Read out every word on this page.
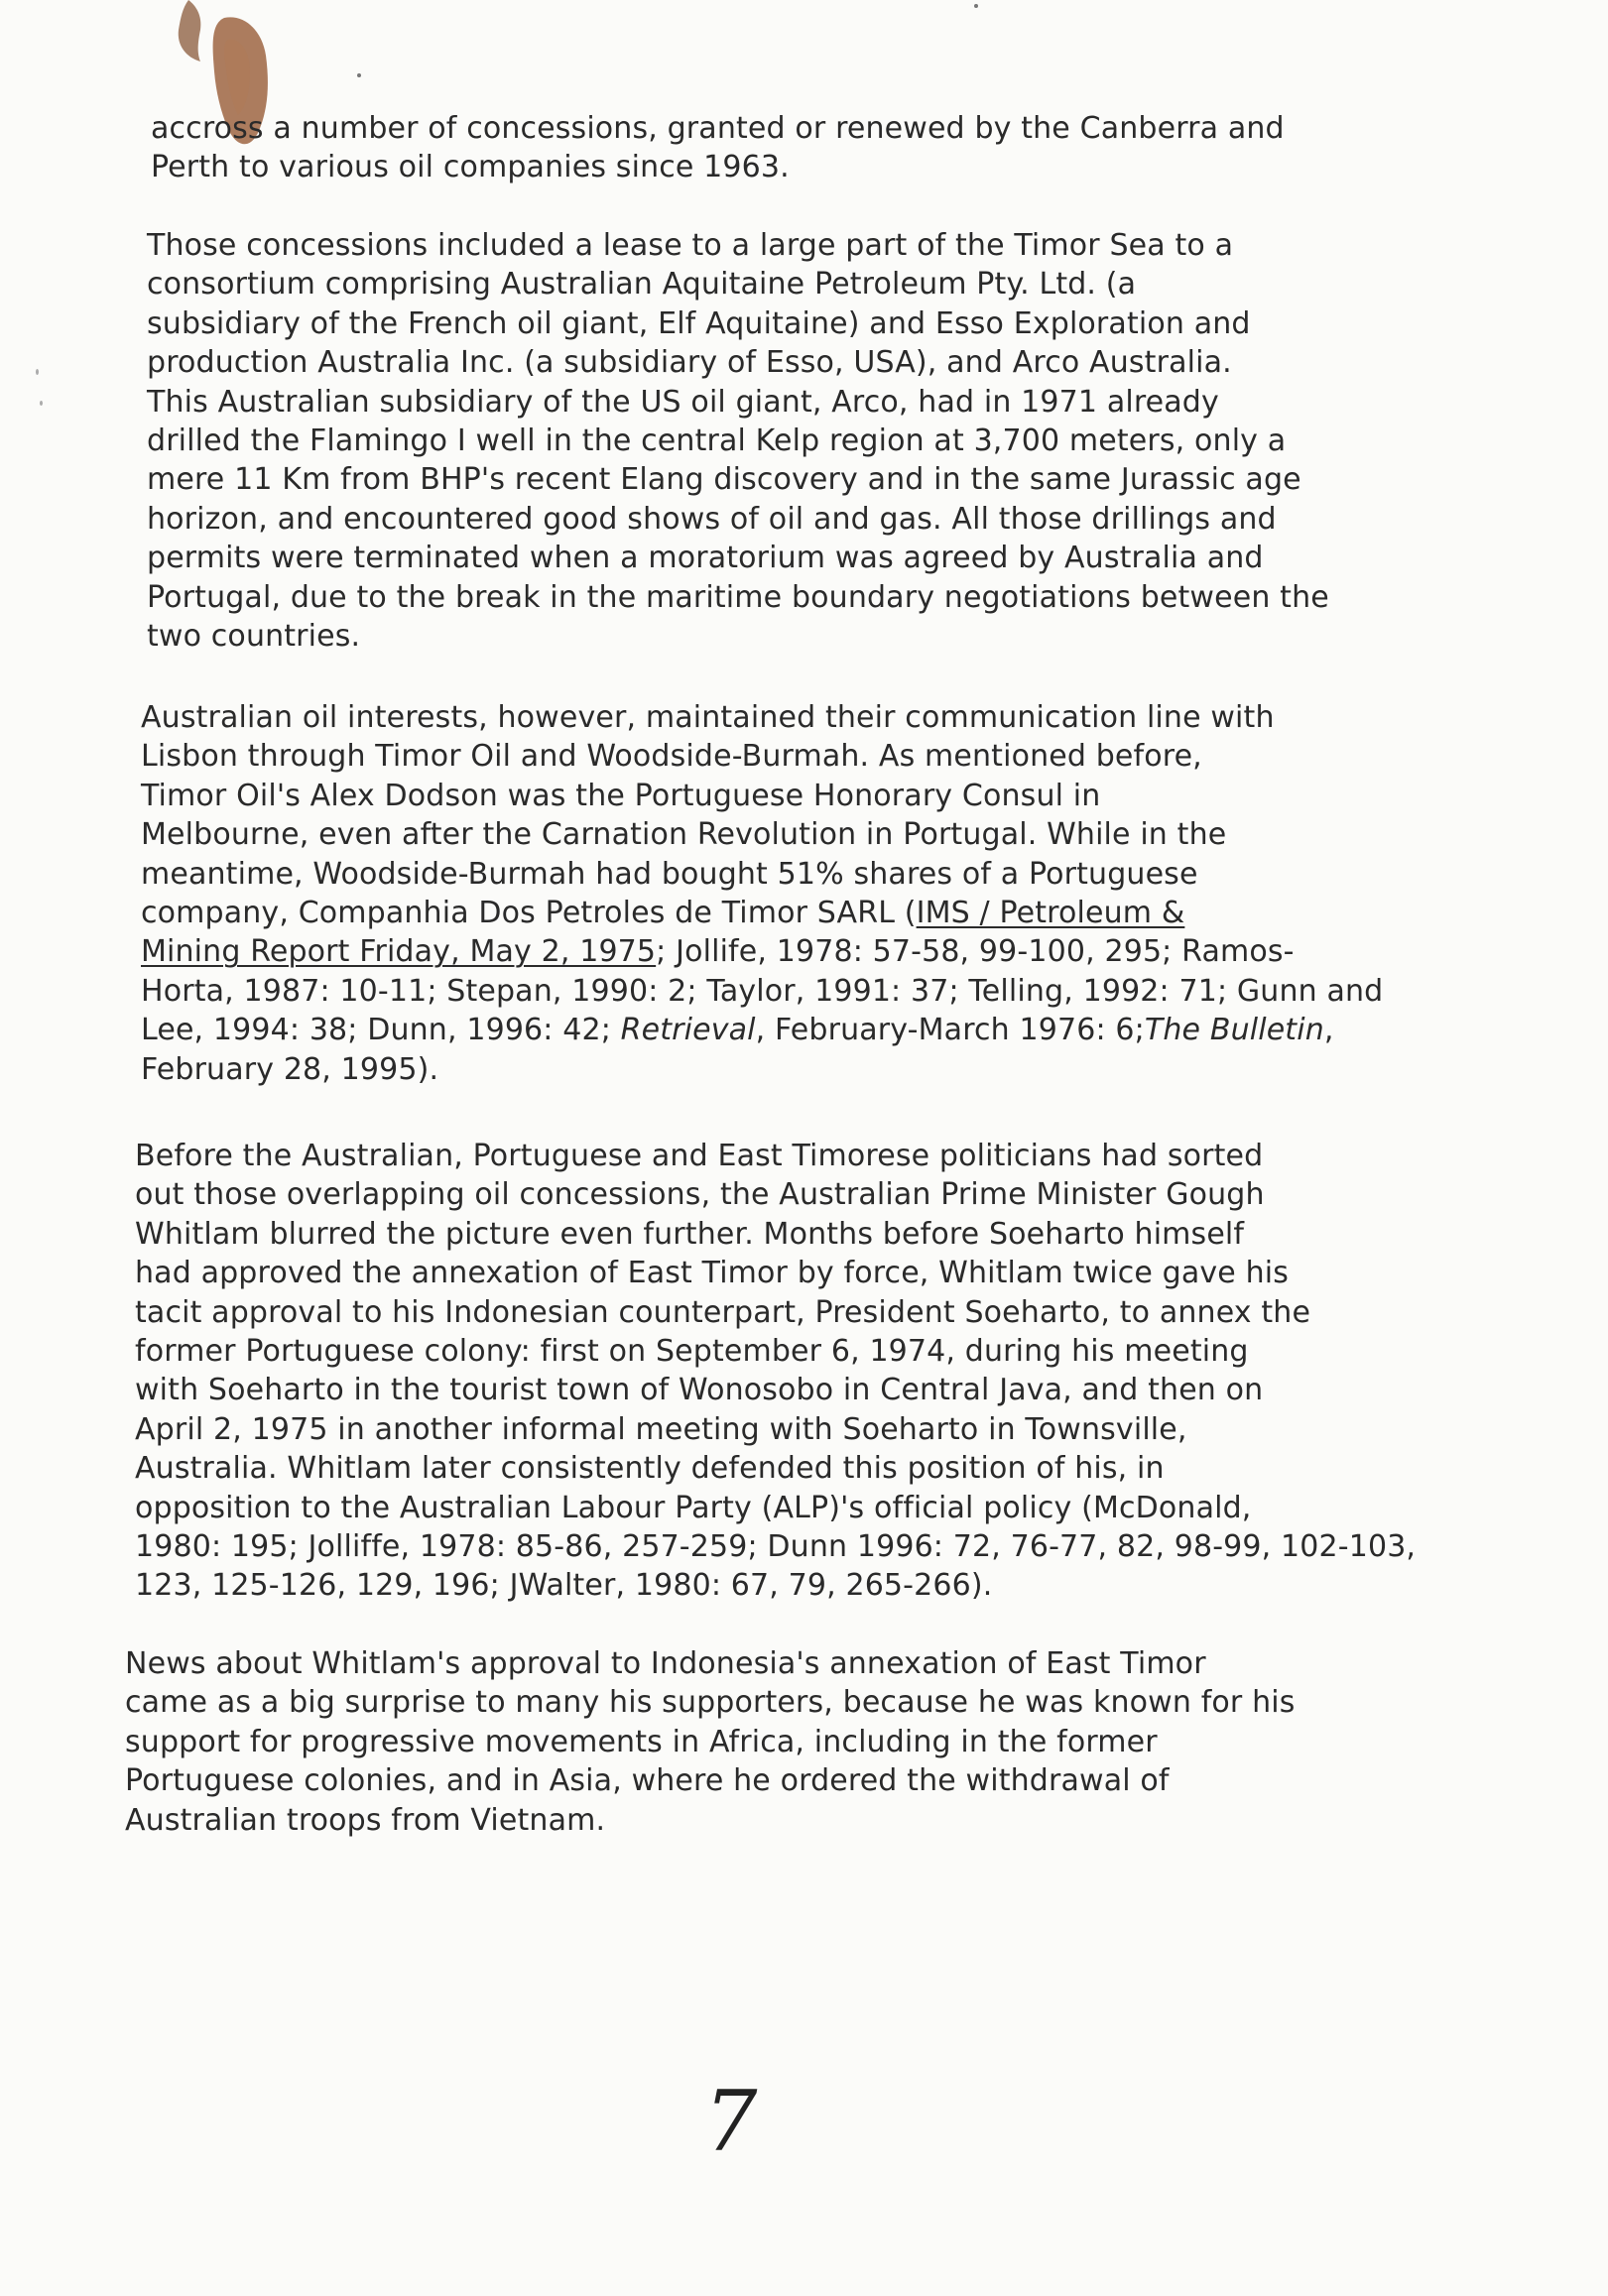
accross a number of concessions, granted or renewed by the Canberra and
Perth to various oil companies since 1963.
Those concessions included a lease to a large part of the Timor Sea to a
consortium comprising Australian Aquitaine Petroleum Pty. Ltd. (a
subsidiary of the French oil giant, Elf Aquitaine) and Esso Exploration and
production Australia Inc. (a subsidiary of Esso, USA), and Arco Australia.
This Australian subsidiary of the US oil giant, Arco, had in 1971 already
drilled the Flamingo I well in the central Kelp region at 3,700 meters, only a
mere 11 Km from BHP's recent Elang discovery and in the same Jurassic age
horizon, and encountered good shows of oil and gas. All those drillings and
permits were terminated when a moratorium was agreed by Australia and
Portugal, due to the break in the maritime boundary negotiations between the
two countries.
Australian oil interests, however, maintained their communication line with
Lisbon through Timor Oil and Woodside-Burmah. As mentioned before,
Timor Oil's Alex Dodson was the Portuguese Honorary Consul in
Melbourne, even after the Carnation Revolution in Portugal. While in the
meantime, Woodside-Burmah had bought 51% shares of a Portuguese
company, Companhia Dos Petroles de Timor SARL (IMS / Petroleum &
Mining Report Friday, May 2, 1975; Jollife, 1978: 57-58, 99-100, 295; Ramos-
Horta, 1987: 10-11; Stepan, 1990: 2; Taylor, 1991: 37; Telling, 1992: 71; Gunn and
Lee, 1994: 38; Dunn, 1996: 42; Retrieval, February-March 1976: 6;The Bulletin,
February 28, 1995).
Before the Australian, Portuguese and East Timorese politicians had sorted
out those overlapping oil concessions, the Australian Prime Minister Gough
Whitlam blurred the picture even further. Months before Soeharto himself
had approved the annexation of East Timor by force, Whitlam twice gave his
tacit approval to his Indonesian counterpart, President Soeharto, to annex the
former Portuguese colony: first on September 6, 1974, during his meeting
with Soeharto in the tourist town of Wonosobo in Central Java, and then on
April 2, 1975 in another informal meeting with Soeharto in Townsville,
Australia. Whitlam later consistently defended this position of his, in
opposition to the Australian Labour Party (ALP)'s official policy (McDonald,
1980: 195; Jolliffe, 1978: 85-86, 257-259; Dunn 1996: 72, 76-77, 82, 98-99, 102-103,
123, 125-126, 129, 196; JWalter, 1980: 67, 79, 265-266).
News about Whitlam's approval to Indonesia's annexation of East Timor
came as a big surprise to many his supporters, because he was known for his
support for progressive movements in Africa, including in the former
Portuguese colonies, and in Asia, where he ordered the withdrawal of
Australian troops from Vietnam.
7
